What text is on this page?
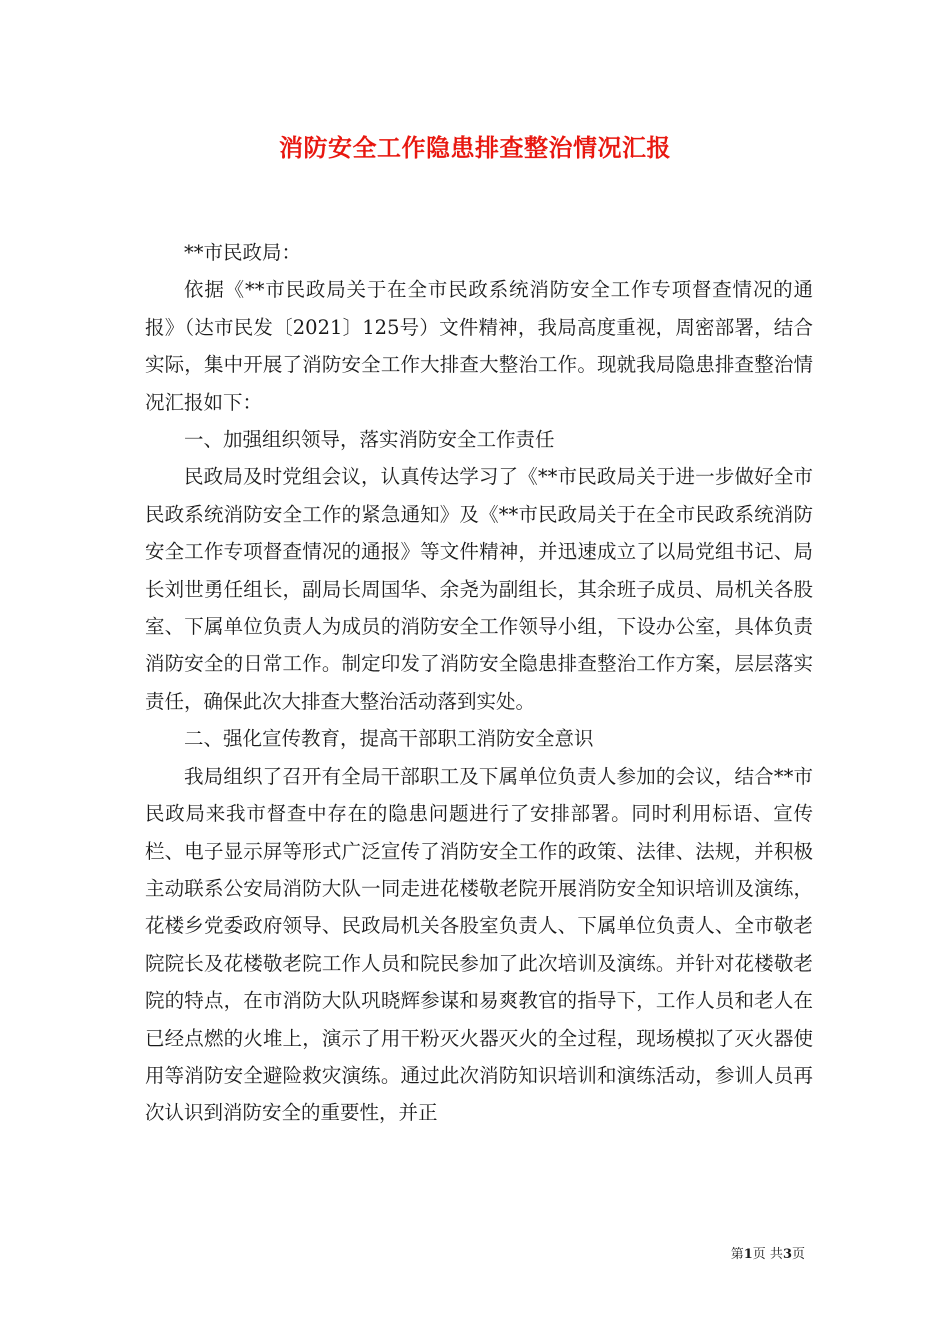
消防安全工作隐患排查整治情况汇报

**市民政局：

依据《**市民政局关于在全市民政系统消防安全工作专项督查情况的通报》（达市民发〔2021〕125号）文件精神，我局高度重视，周密部署，结合实际，集中开展了消防安全工作大排查大整治工作。现就我局隐患排查整治情况汇报如下：

一、加强组织领导，落实消防安全工作责任

民政局及时党组会议，认真传达学习了《**市民政局关于进一步做好全市民政系统消防安全工作的紧急通知》及《**市民政局关于在全市民政系统消防安全工作专项督查情况的通报》等文件精神，并迅速成立了以局党组书记、局长刘世勇任组长，副局长周国华、余尧为副组长，其余班子成员、局机关各股室、下属单位负责人为成员的消防安全工作领导小组，下设办公室，具体负责消防安全的日常工作。制定印发了消防安全隐患排查整治工作方案，层层落实责任，确保此次大排查大整治活动落到实处。

二、强化宣传教育，提高干部职工消防安全意识

我局组织了召开有全局干部职工及下属单位负责人参加的会议，结合**市民政局来我市督查中存在的隐患问题进行了安排部署。同时利用标语、宣传栏、电子显示屏等形式广泛宣传了消防安全工作的政策、法律、法规，并积极主动联系公安局消防大队一同走进花楼敬老院开展消防安全知识培训及演练，花楼乡党委政府领导、民政局机关各股室负责人、下属单位负责人、全市敬老院院长及花楼敬老院工作人员和院民参加了此次培训及演练。并针对花楼敬老院的特点，在市消防大队巩晓辉参谋和易爽教官的指导下，工作人员和老人在已经点燃的火堆上，演示了用干粉灭火器灭火的全过程，现场模拟了灭火器使用等消防安全避险救灾演练。通过此次消防知识培训和演练活动，参训人员再次认识到消防安全的重要性，并正

第1页 共3页
